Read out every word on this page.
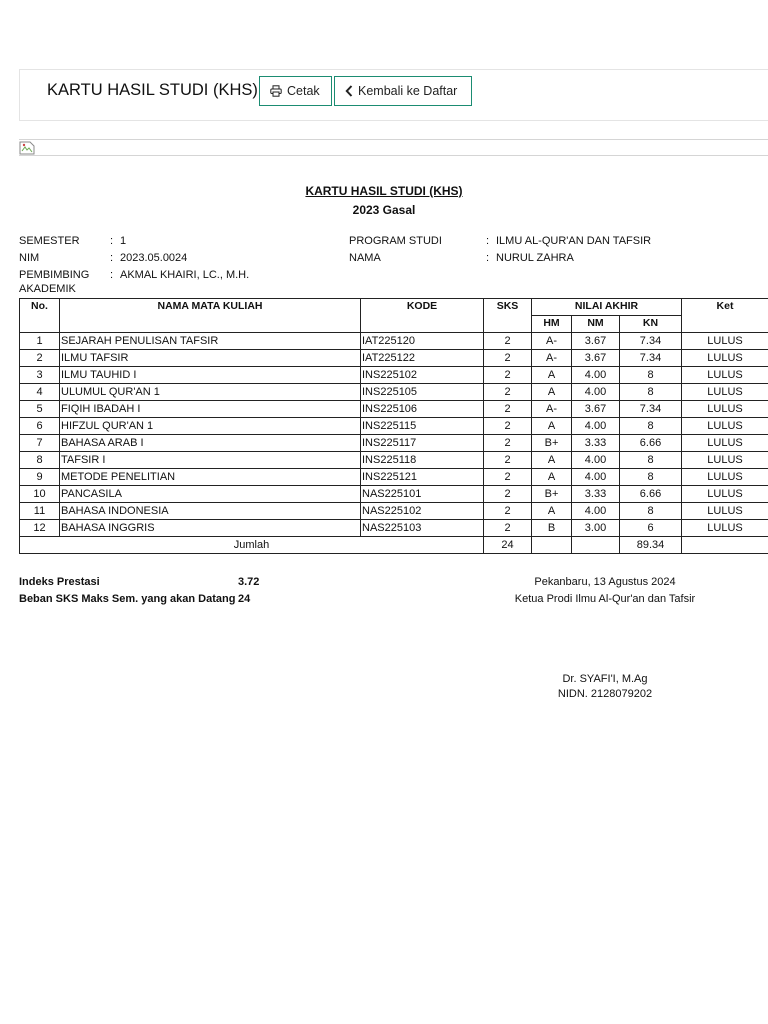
KARTU HASIL STUDI (KHS) Cetak	Kembali ke Daftar
KARTU HASIL STUDI (KHS)
2023 Gasal
SEMESTER	: 1
NIM	: 2023.05.0024
PEMBIMBING
AKADEMIK
: AKMAL KHAIRI, LC., M.H.
PROGRAM STUDI	: ILMU AL-QUR'AN DAN TAFSIR
NAMA	: NURUL ZAHRA
No.	NAMA MATA KULIAH	KODE	SKS	NILAI AKHIR			Ket
				HM	NM	KN	
1	SEJARAH PENULISAN TAFSIR	IAT225120	2	A-	3.67	7.34	LULUS
2	ILMU TAFSIR	IAT225122	2	A-	3.67	7.34	LULUS
3	ILMU TAUHID I	INS225102	2	A	4.00	8	LULUS
4	ULUMUL QUR'AN 1	INS225105	2	A	4.00	8	LULUS
5	FIQIH IBADAH I	INS225106	2	A-	3.67	7.34	LULUS
6	HIFZUL QUR'AN 1	INS225115	2	A	4.00	8	LULUS
7	BAHASA ARAB I	INS225117	2	B+	3.33	6.66	LULUS
8	TAFSIR I	INS225118	2	A	4.00	8	LULUS
9	METODE PENELITIAN	INS225121	2	A	4.00	8	LULUS
10	PANCASILA	NAS225101	2	B+	3.33	6.66	LULUS
11	BAHASA INDONESIA	NAS225102	2	A	4.00	8	LULUS
12	BAHASA INGGRIS	NAS225103	2	B	3.00	6	LULUS
Jumlah			24			89.34	
Indeks Prestasi	3.72
Beban SKS Maks Sem. yang akan Datang 24
Pekanbaru, 13 Agustus 2024
Ketua Prodi Ilmu Al-Qur'an dan Tafsir
Dr. SYAFI'I, M.Ag
NIDN. 2128079202
